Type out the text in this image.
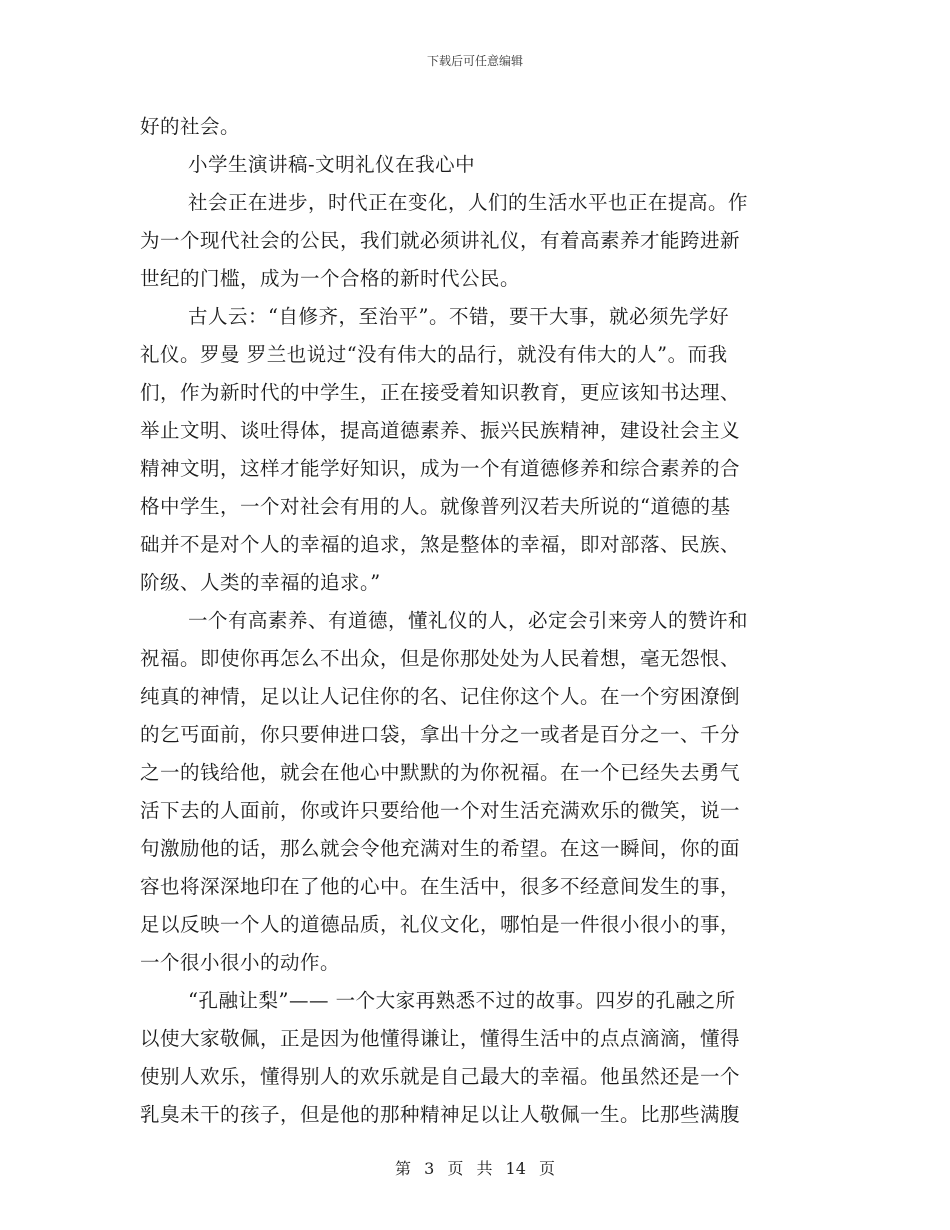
下载后可任意编辑
好的社会。
小学生演讲稿-文明礼仪在我心中
社会正在进步，时代正在变化，人们的生活水平也正在提高。作
为一个现代社会的公民，我们就必须讲礼仪，有着高素养才能跨进新
世纪的门槛，成为一个合格的新时代公民。
古人云：“自修齐，至治平”。不错，要干大事，就必须先学好
礼仪。罗曼 罗兰也说过“没有伟大的品行，就没有伟大的人”。而我
们，作为新时代的中学生，正在接受着知识教育，更应该知书达理、
举止文明、谈吐得体，提高道德素养、振兴民族精神，建设社会主义
精神文明，这样才能学好知识，成为一个有道德修养和综合素养的合
格中学生，一个对社会有用的人。就像普列汉若夫所说的“道德的基
础并不是对个人的幸福的追求，煞是整体的幸福，即对部落、民族、
阶级、人类的幸福的追求。”
一个有高素养、有道德，懂礼仪的人，必定会引来旁人的赞许和
祝福。即使你再怎么不出众，但是你那处处为人民着想，毫无怨恨、
纯真的神情，足以让人记住你的名、记住你这个人。在一个穷困潦倒
的乞丐面前，你只要伸进口袋，拿出十分之一或者是百分之一、千分
之一的钱给他，就会在他心中默默的为你祝福。在一个已经失去勇气
活下去的人面前，你或许只要给他一个对生活充满欢乐的微笑，说一
句激励他的话，那么就会令他充满对生的希望。在这一瞬间，你的面
容也将深深地印在了他的心中。在生活中，很多不经意间发生的事，
足以反映一个人的道德品质，礼仪文化，哪怕是一件很小很小的事，
一个很小很小的动作。
“孔融让梨”—— 一个大家再熟悉不过的故事。四岁的孔融之所
以使大家敬佩，正是因为他懂得谦让，懂得生活中的点点滴滴，懂得
使别人欢乐，懂得别人的欢乐就是自己最大的幸福。他虽然还是一个
乳臭未干的孩子，但是他的那种精神足以让人敬佩一生。比那些满腹
第 3 页 共 14 页
